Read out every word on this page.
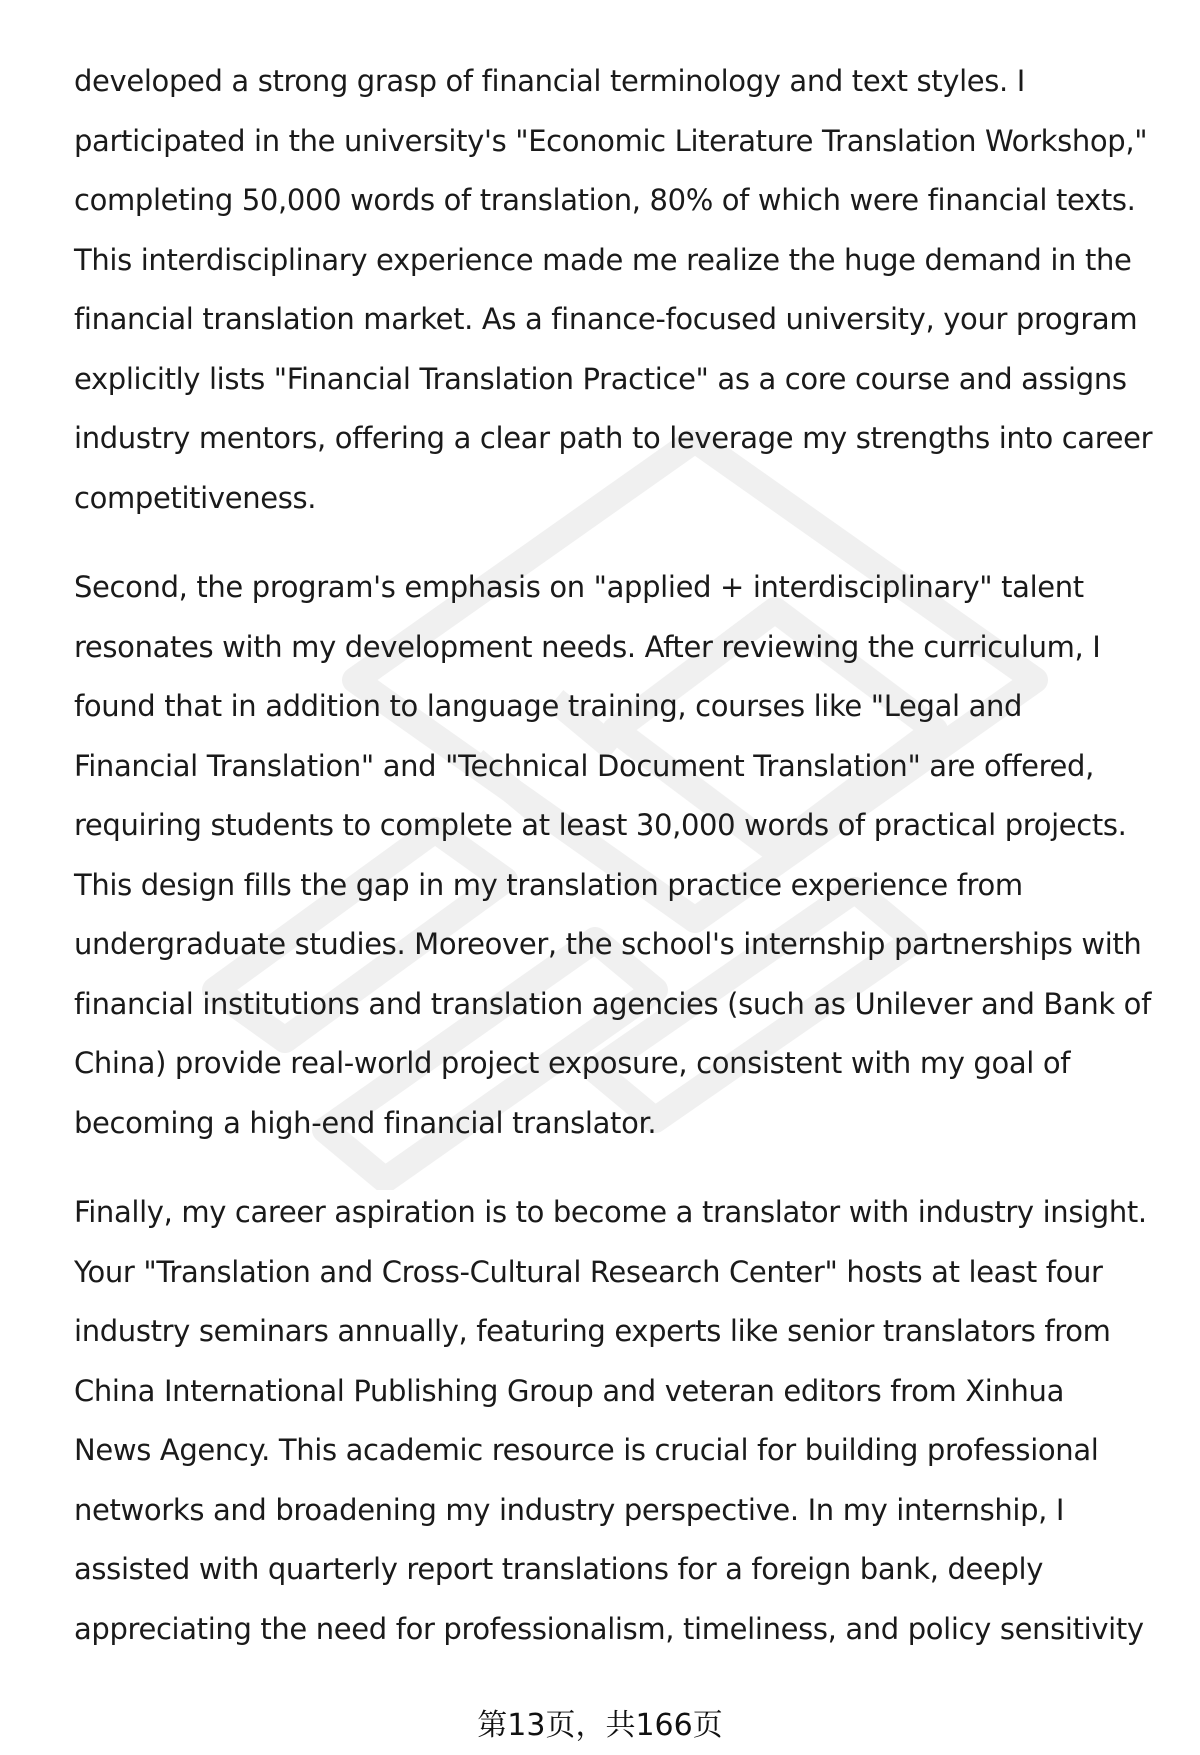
developed a strong grasp of financial terminology and text styles. I
participated in the university's "Economic Literature Translation Workshop,"
completing 50,000 words of translation, 80% of which were financial texts.
This interdisciplinary experience made me realize the huge demand in the
financial translation market. As a finance-focused university, your program
explicitly lists "Financial Translation Practice" as a core course and assigns
industry mentors, offering a clear path to leverage my strengths into career
competitiveness.
Second, the program's emphasis on "applied + interdisciplinary" talent
resonates with my development needs. After reviewing the curriculum, I
found that in addition to language training, courses like "Legal and
Financial Translation" and "Technical Document Translation" are offered,
requiring students to complete at least 30,000 words of practical projects.
This design fills the gap in my translation practice experience from
undergraduate studies. Moreover, the school's internship partnerships with
financial institutions and translation agencies (such as Unilever and Bank of
China) provide real-world project exposure, consistent with my goal of
becoming a high-end financial translator.
Finally, my career aspiration is to become a translator with industry insight.
Your "Translation and Cross-Cultural Research Center" hosts at least four
industry seminars annually, featuring experts like senior translators from
China International Publishing Group and veteran editors from Xinhua
News Agency. This academic resource is crucial for building professional
networks and broadening my industry perspective. In my internship, I
assisted with quarterly report translations for a foreign bank, deeply
appreciating the need for professionalism, timeliness, and policy sensitivity
第13页，共166页
